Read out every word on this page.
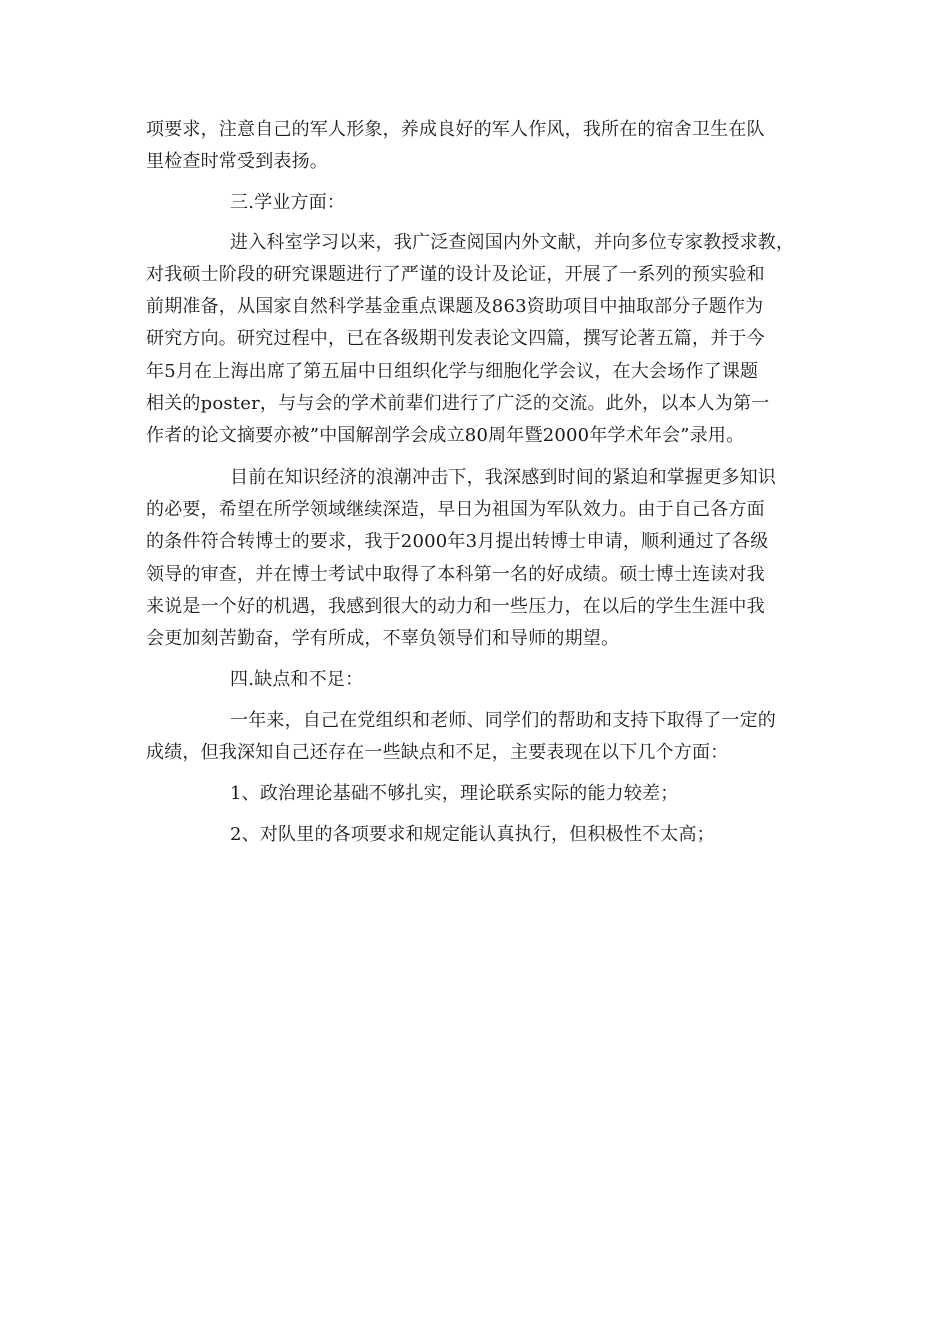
项要求，注意自己的军人形象，养成良好的军人作风，我所在的宿舍卫生在队
里检查时常受到表扬。
三.学业方面：
进入科室学习以来，我广泛查阅国内外文献，并向多位专家教授求教，
对我硕士阶段的研究课题进行了严谨的设计及论证，开展了一系列的预实验和
前期准备，从国家自然科学基金重点课题及863资助项目中抽取部分子题作为
研究方向。研究过程中，已在各级期刊发表论文四篇，撰写论著五篇，并于今
年5月在上海出席了第五届中日组织化学与细胞化学会议，在大会场作了课题
相关的poster，与与会的学术前辈们进行了广泛的交流。此外，以本人为第一
作者的论文摘要亦被”中国解剖学会成立80周年暨2000年学术年会”录用。
目前在知识经济的浪潮冲击下，我深感到时间的紧迫和掌握更多知识
的必要，希望在所学领域继续深造，早日为祖国为军队效力。由于自己各方面
的条件符合转博士的要求，我于2000年3月提出转博士申请，顺利通过了各级
领导的审查，并在博士考试中取得了本科第一名的好成绩。硕士博士连读对我
来说是一个好的机遇，我感到很大的动力和一些压力，在以后的学生生涯中我
会更加刻苦勤奋，学有所成，不辜负领导们和导师的期望。
四.缺点和不足：
一年来，自己在党组织和老师、同学们的帮助和支持下取得了一定的
成绩，但我深知自己还存在一些缺点和不足，主要表现在以下几个方面：
1、政治理论基础不够扎实，理论联系实际的能力较差；
2、对队里的各项要求和规定能认真执行，但积极性不太高；
